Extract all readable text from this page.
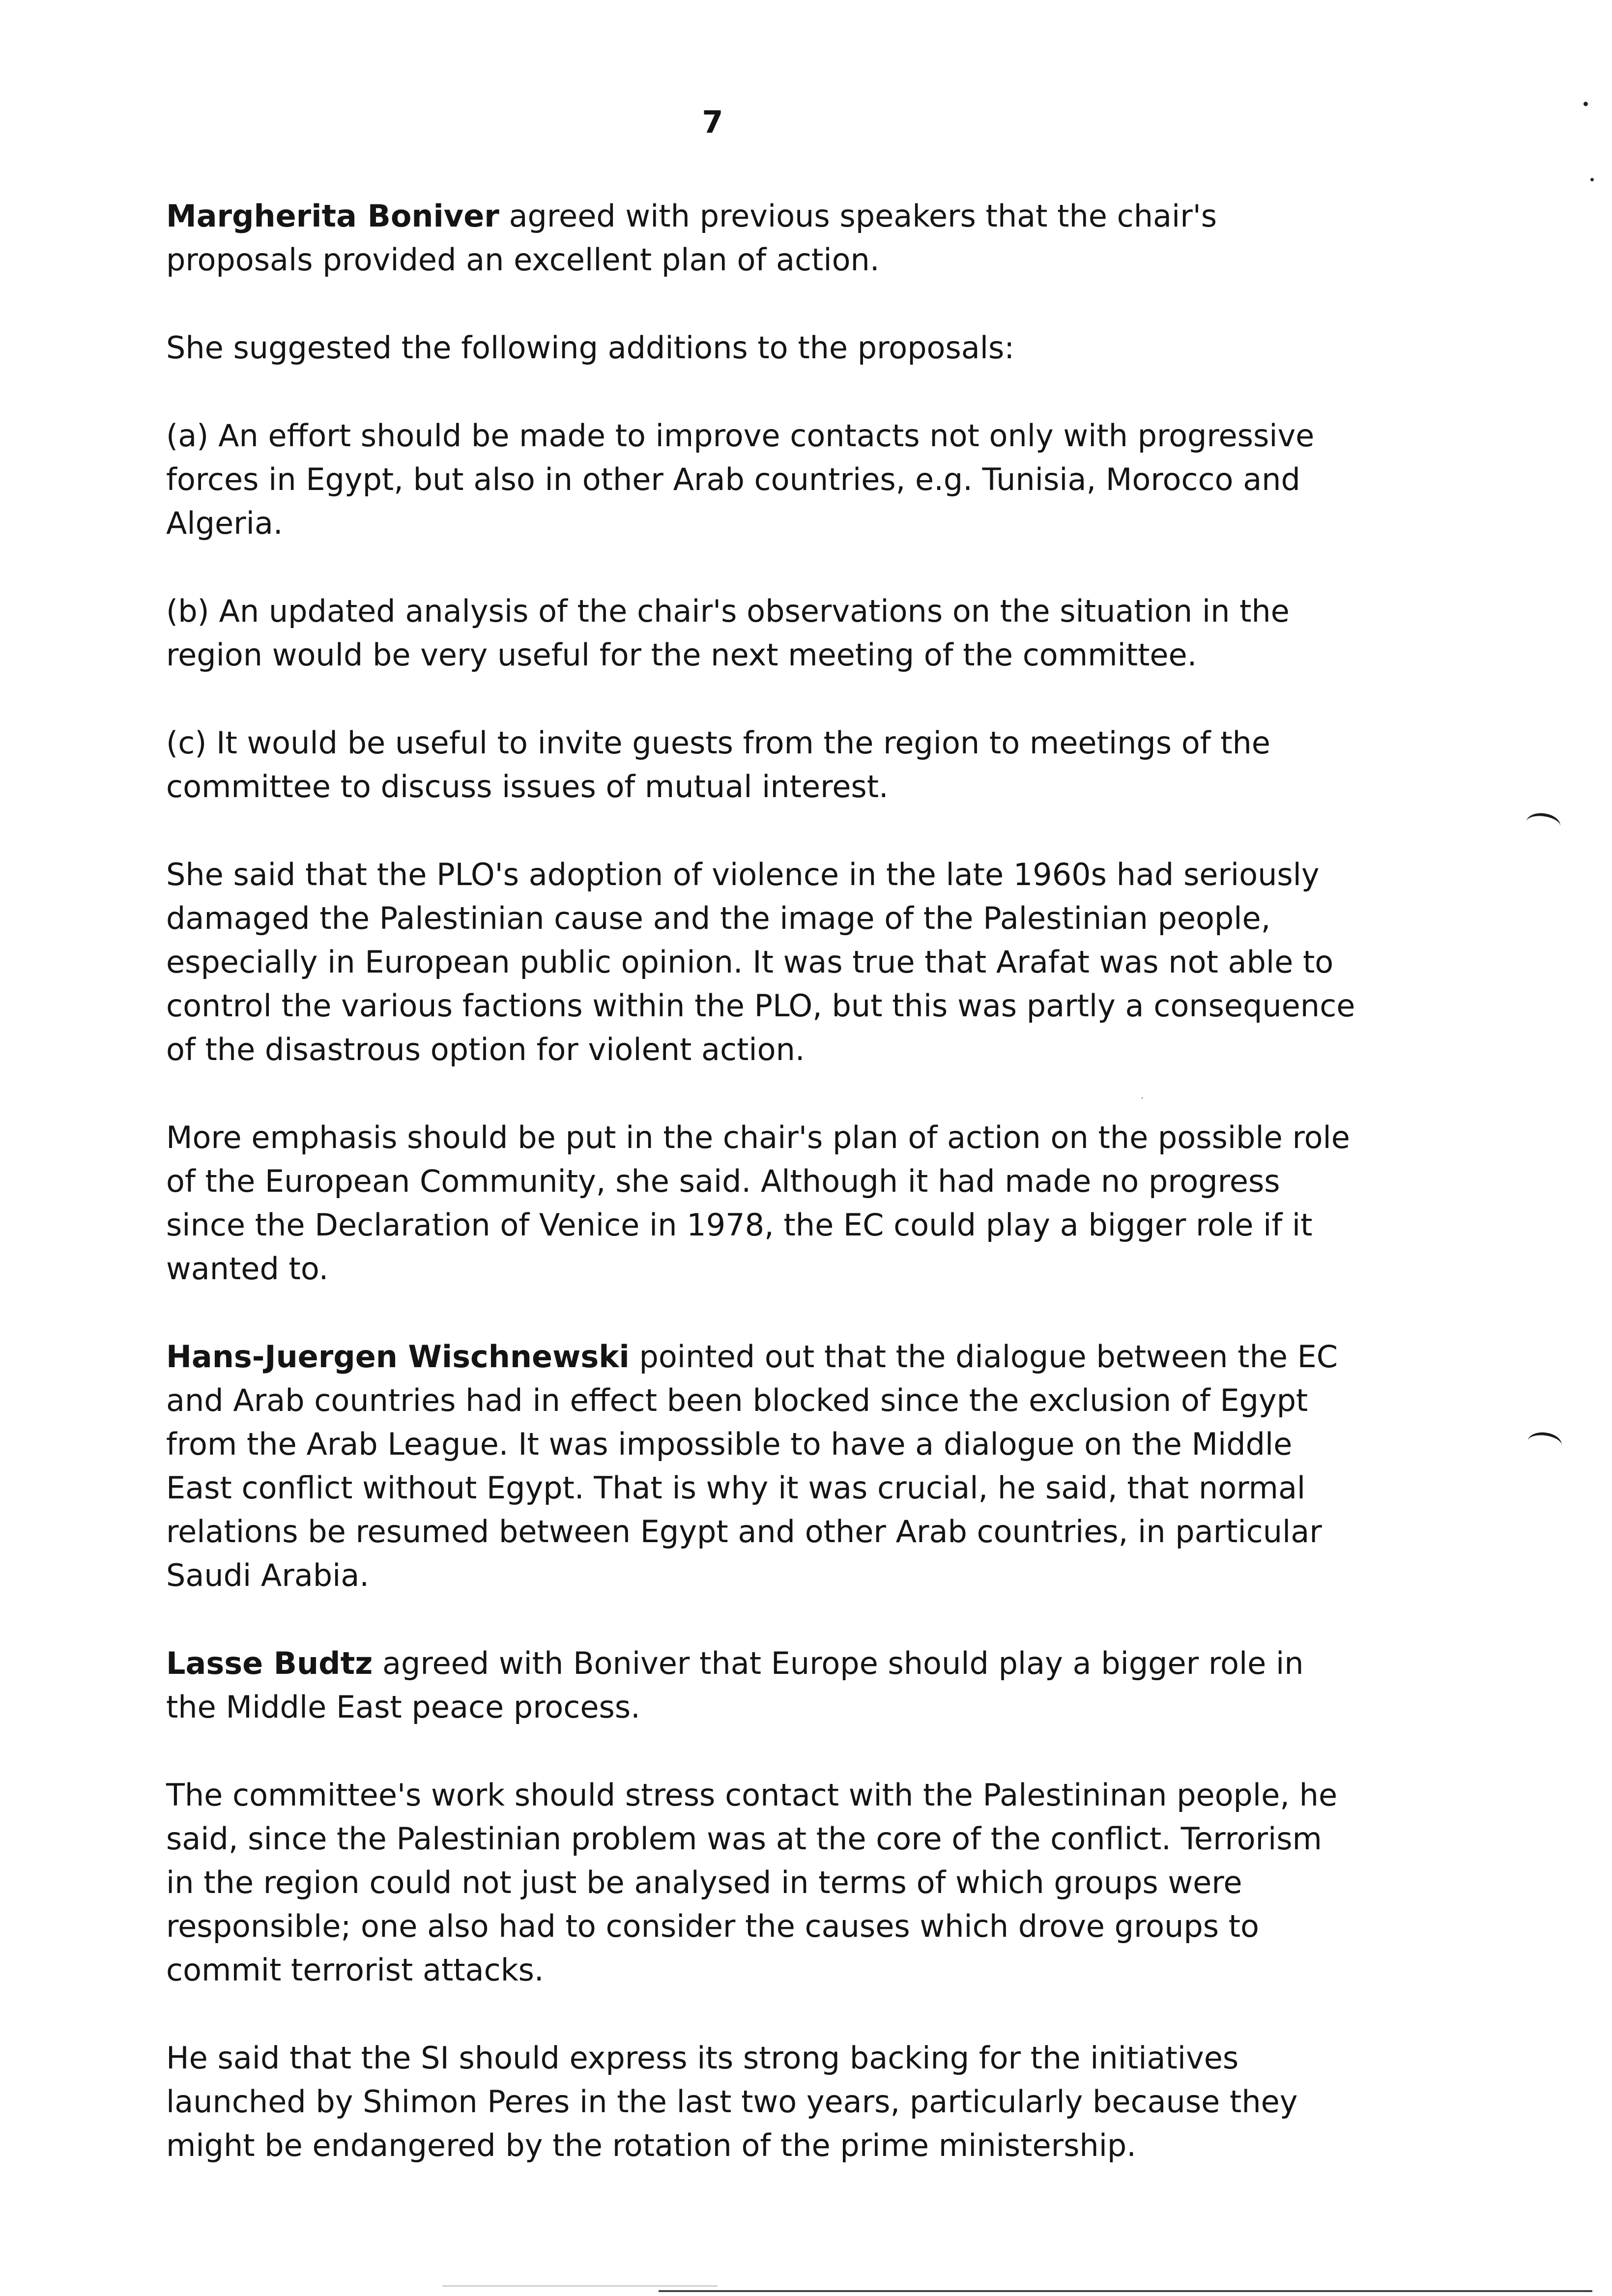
7

Margherita Boniver agreed with previous speakers that the chair's proposals provided an excellent plan of action.

She suggested the following additions to the proposals:

(a) An effort should be made to improve contacts not only with progressive forces in Egypt, but also in other Arab countries, e.g. Tunisia, Morocco and Algeria.

(b) An updated analysis of the chair's observations on the situation in the region would be very useful for the next meeting of the committee.

(c) It would be useful to invite guests from the region to meetings of the committee to discuss issues of mutual interest.

She said that the PLO's adoption of violence in the late 1960s had seriously damaged the Palestinian cause and the image of the Palestinian people, especially in European public opinion. It was true that Arafat was not able to control the various factions within the PLO, but this was partly a consequence of the disastrous option for violent action.

More emphasis should be put in the chair's plan of action on the possible role of the European Community, she said. Although it had made no progress since the Declaration of Venice in 1978, the EC could play a bigger role if it wanted to.

Hans-Juergen Wischnewski pointed out that the dialogue between the EC and Arab countries had in effect been blocked since the exclusion of Egypt from the Arab League. It was impossible to have a dialogue on the Middle East conflict without Egypt. That is why it was crucial, he said, that normal relations be resumed between Egypt and other Arab countries, in particular Saudi Arabia.

Lasse Budtz agreed with Boniver that Europe should play a bigger role in the Middle East peace process.

The committee's work should stress contact with the Palestininan people, he said, since the Palestinian problem was at the core of the conflict. Terrorism in the region could not just be analysed in terms of which groups were responsible; one also had to consider the causes which drove groups to commit terrorist attacks.

He said that the SI should express its strong backing for the initiatives launched by Shimon Peres in the last two years, particularly because they might be endangered by the rotation of the prime ministership.
